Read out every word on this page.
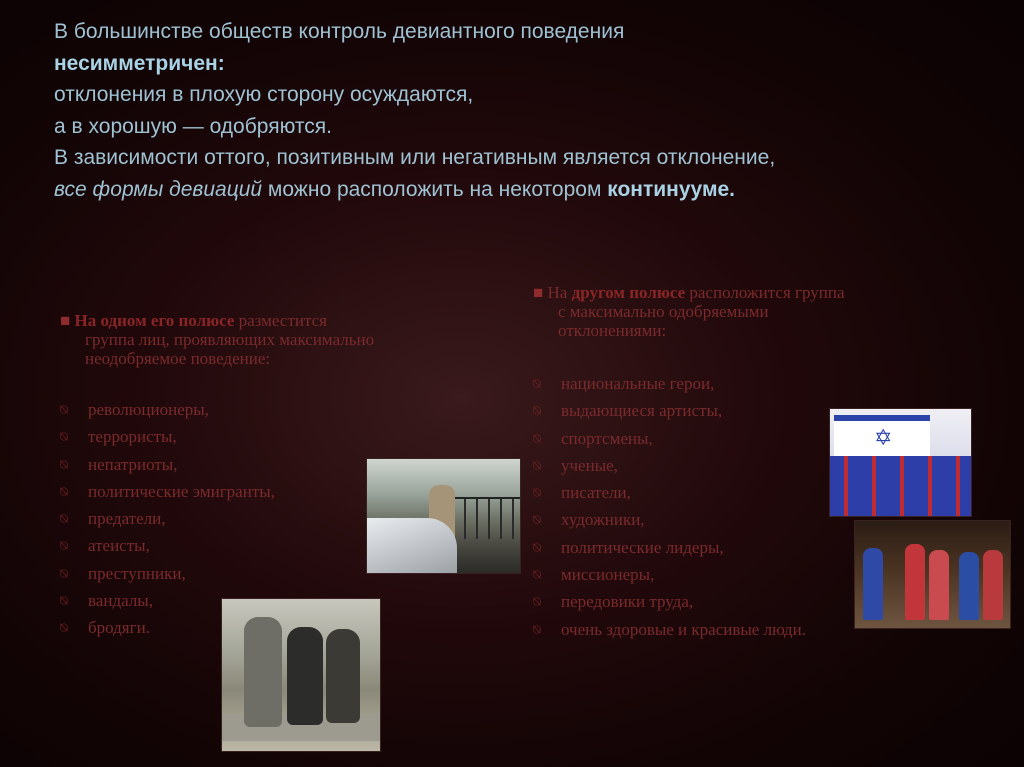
В большинстве обществ контроль девиантного поведения

несимметричен:

отклонения в плохую сторону осуждаются,

а в хорошую — одобряются.

В зависимости оттого, позитивным или негативным является отклонение,

все формы девиаций можно расположить на некотором континууме.

■ На одном его полюсе разместится
группа лиц, проявляющих максимально
неодобряемое поведение:

⍉	революционеры,
⍉	террористы,
⍉	непатриоты,
⍉	политические эмигранты,
⍉	предатели,
⍉	атеисты,
⍉	преступники,
⍉	вандалы,
⍉	бродяги.

■ На другом полюсе расположится группа
с максимально одобряемыми
отклонениями:

⍉	национальные герои,
⍉	выдающиеся артисты,
⍉	спортсмены,
⍉	ученые,
⍉	писатели,
⍉	художники,
⍉	политические лидеры,
⍉	миссионеры,
⍉	передовики труда,
⍉	очень здоровые и красивые люди.
✡
